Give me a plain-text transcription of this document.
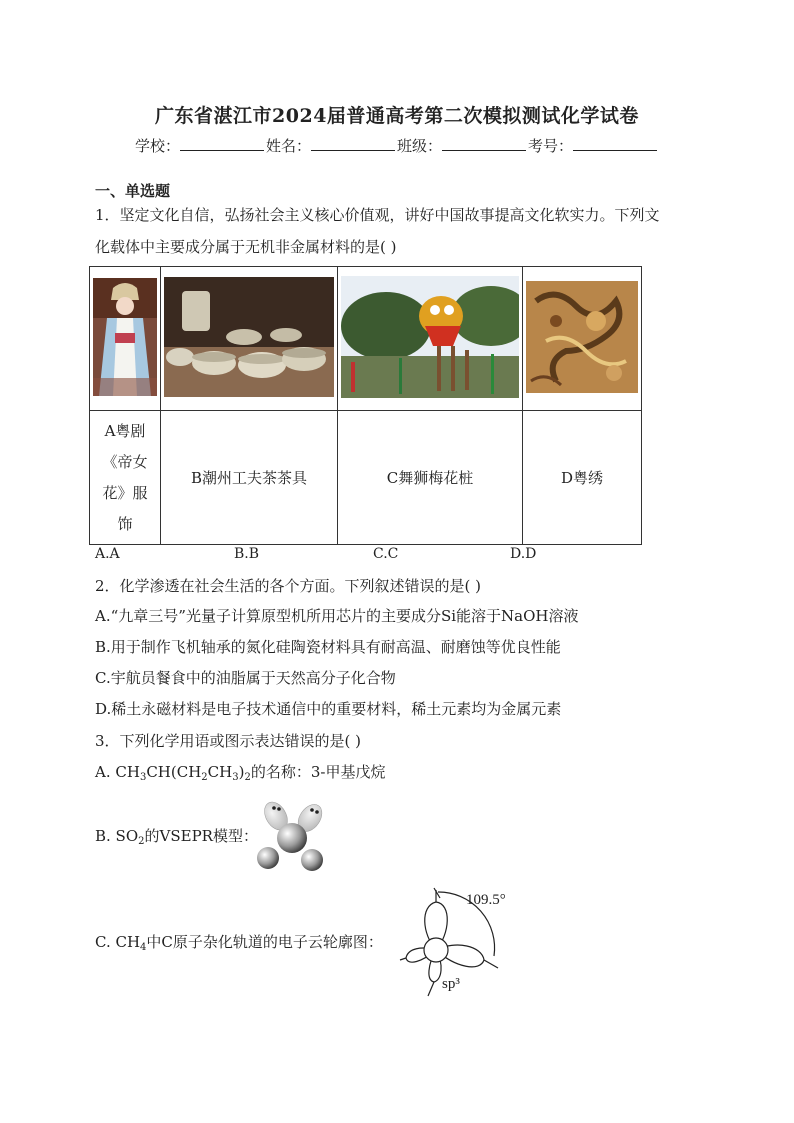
广东省湛江市2024届普通高考第二次模拟测试化学试卷
学校：	姓名：	班级：	考号：
一、单选题
1．坚定文化自信，弘扬社会主义核心价值观，讲好中国故事提高文化软实力。下列文
化载体中主要成分属于无机非金属材料的是( )

A粤剧
《帝女
花》服
饰	B潮州工夫茶茶具	C舞狮梅花桩	D粤绣
A.A	B.B	C.C	D.D
2．化学渗透在社会生活的各个方面。下列叙述错误的是( )
A.“九章三号”光量子计算原型机所用芯片的主要成分Si能溶于NaOH溶液
B.用于制作飞机轴承的氮化硅陶瓷材料具有耐高温、耐磨蚀等优良性能
C.宇航员餐食中的油脂属于天然高分子化合物
D.稀土永磁材料是电子技术通信中的重要材料，稀土元素均为金属元素
3．下列化学用语或图示表达错误的是( )
A. $CH_3CH(CH_2CH_3)_2$的名称：3-甲基戊烷
B. $SO_2$的VSEPR模型：
C. $CH_4$中C原子杂化轨道的电子云轮廓图：
109.5°
sp³
